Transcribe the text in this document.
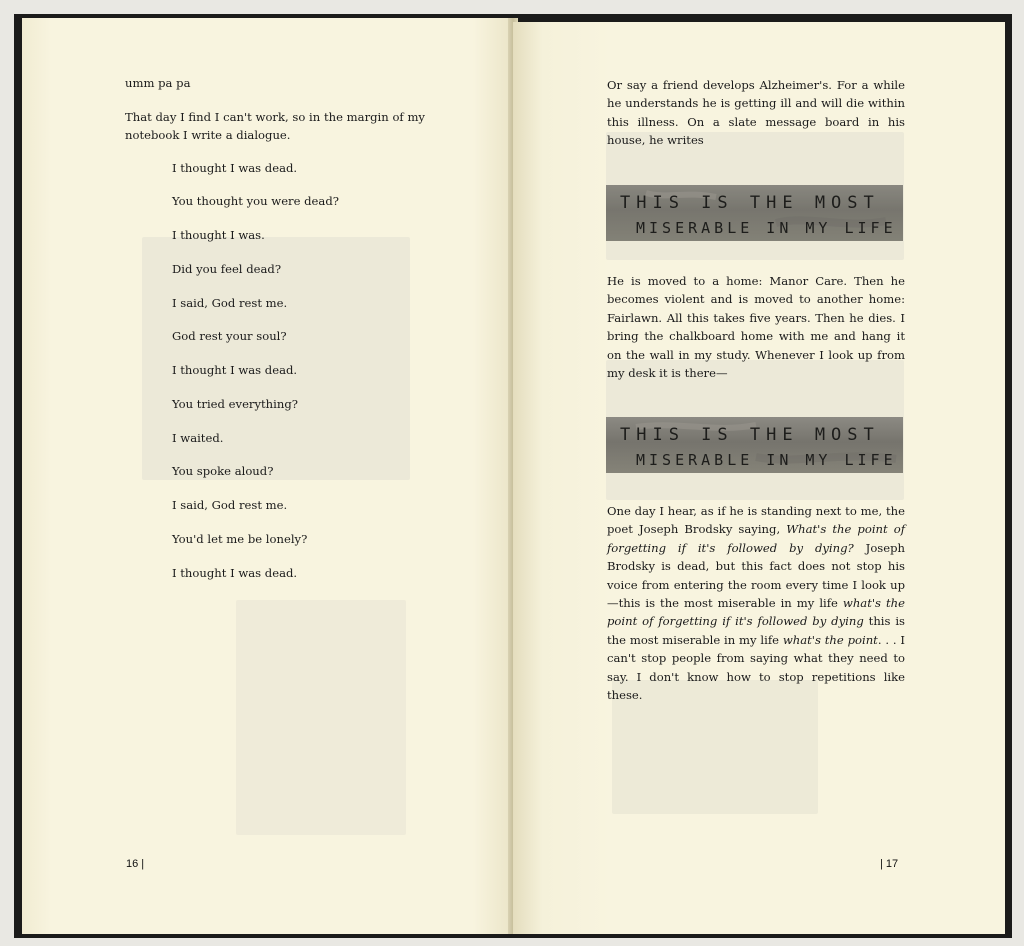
umm pa pa

That day I find I can't work, so in the margin of my notebook I write a dialogue.

I thought I was dead.

You thought you were dead?

I thought I was.

Did you feel dead?

I said, God rest me.

God rest your soul?

I thought I was dead.

You tried everything?

I waited.

You spoke aloud?

I said, God rest me.

You'd let me be lonely?

I thought I was dead.

16 |

Or say a friend develops Alzheimer's. For a while he understands he is getting ill and will die within this illness. On a slate message board in his house, he writes

THIS IS THE MOST
MISERABLE IN MY LIFE

He is moved to a home: Manor Care. Then he becomes violent and is moved to another home: Fairlawn. All this takes five years. Then he dies. I bring the chalkboard home with me and hang it on the wall in my study. Whenever I look up from my desk it is there—

THIS IS THE MOST
MISERABLE IN MY LIFE

One day I hear, as if he is standing next to me, the poet Joseph Brodsky saying, What's the point of forgetting if it's followed by dying? Joseph Brodsky is dead, but this fact does not stop his voice from entering the room every time I look up—this is the most miserable in my life what's the point of forgetting if it's followed by dying this is the most miserable in my life what's the point. . . I can't stop people from saying what they need to say. I don't know how to stop repetitions like these.

| 17
